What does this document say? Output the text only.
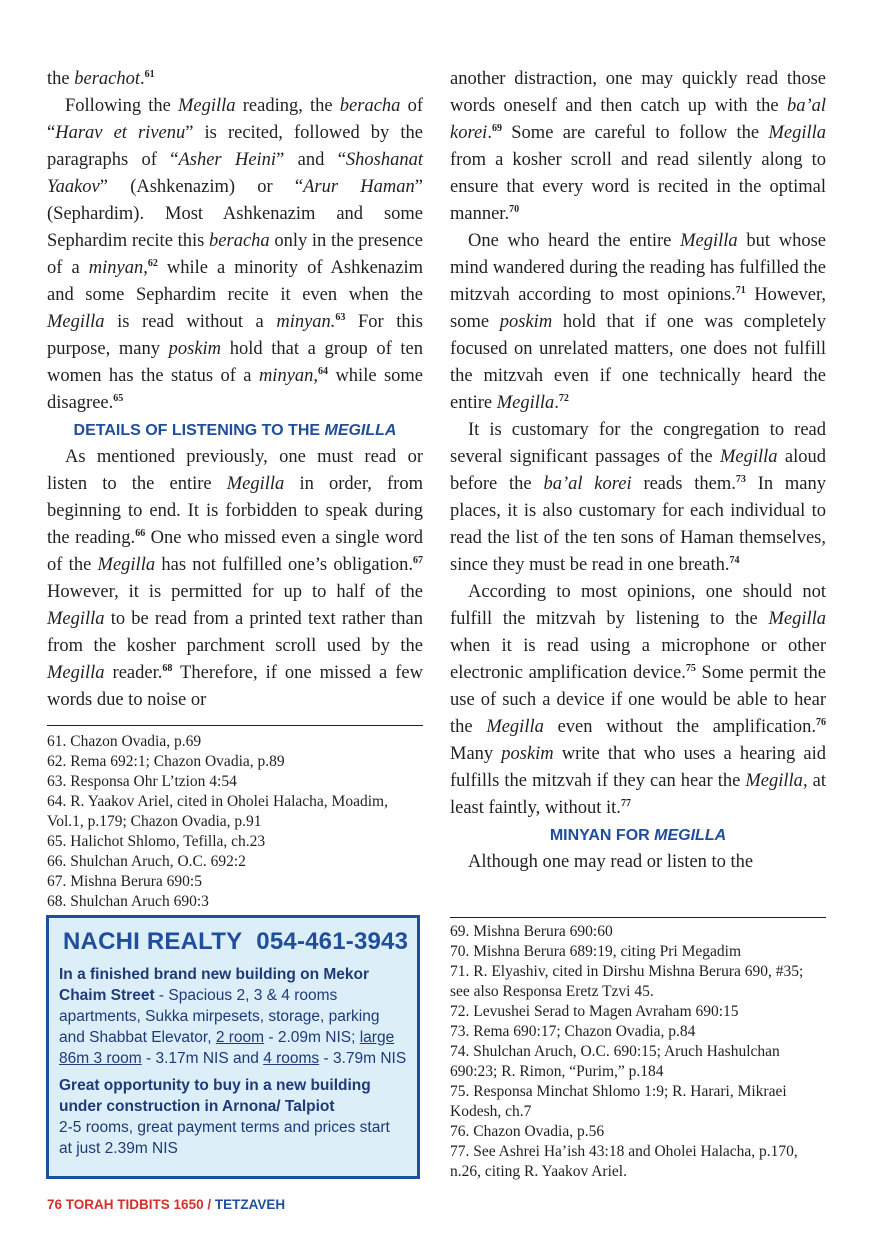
the berachot.$^{61}$

Following the Megilla reading, the beracha of “Harav et rivenu” is recited, followed by the paragraphs of “Asher Heini” and “Shoshanat Yaakov” (Ashkenazim) or “Arur Haman” (Sephardim). Most Ashkenazim and some Sephardim recite this beracha only in the presence of a minyan,$^{62}$ while a minority of Ashkenazim and some Sephardim recite it even when the Megilla is read without a minyan.$^{63}$ For this purpose, many poskim hold that a group of ten women has the status of a minyan,$^{64}$ while some disagree.$^{65}$

DETAILS OF LISTENING TO THE MEGILLA

As mentioned previously, one must read or listen to the entire Megilla in order, from beginning to end. It is forbidden to speak during the reading.$^{66}$ One who missed even a single word of the Megilla has not fulfilled one’s obligation.$^{67}$ However, it is permitted for up to half of the Megilla to be read from a printed text rather than from the kosher parchment scroll used by the Megilla reader.$^{68}$ Therefore, if one missed a few words due to noise or

61. Chazon Ovadia, p.69
62. Rema 692:1; Chazon Ovadia, p.89
63. Responsa Ohr L’tzion 4:54
64. R. Yaakov Ariel, cited in Oholei Halacha, Moadim, Vol.1, p.179; Chazon Ovadia, p.91
65. Halichot Shlomo, Tefilla, ch.23
66. Shulchan Aruch, O.C. 692:2
67. Mishna Berura 690:5
68. Shulchan Aruch 690:3

another distraction, one may quickly read those words oneself and then catch up with the ba’al korei.$^{69}$ Some are careful to follow the Megilla from a kosher scroll and read silently along to ensure that every word is recited in the optimal manner.$^{70}$

One who heard the entire Megilla but whose mind wandered during the reading has fulfilled the mitzvah according to most opinions.$^{71}$ However, some poskim hold that if one was completely focused on unrelated matters, one does not fulfill the mitzvah even if one technically heard the entire Megilla.$^{72}$

It is customary for the congregation to read several significant passages of the Megilla aloud before the ba’al korei reads them.$^{73}$ In many places, it is also customary for each individual to read the list of the ten sons of Haman themselves, since they must be read in one breath.$^{74}$

According to most opinions, one should not fulfill the mitzvah by listening to the Megilla when it is read using a microphone or other electronic amplification device.$^{75}$ Some permit the use of such a device if one would be able to hear the Megilla even without the amplification.$^{76}$ Many poskim write that who uses a hearing aid fulfills the mitzvah if they can hear the Megilla, at least faintly, without it.$^{77}$

MINYAN FOR MEGILLA

Although one may read or listen to the

69. Mishna Berura 690:60
70. Mishna Berura 689:19, citing Pri Megadim
71. R. Elyashiv, cited in Dirshu Mishna Berura 690, #35; see also Responsa Eretz Tzvi 45.
72. Levushei Serad to Magen Avraham 690:15
73. Rema 690:17; Chazon Ovadia, p.84
74. Shulchan Aruch, O.C. 690:15; Aruch Hashulchan 690:23; R. Rimon, “Purim,” p.184
75. Responsa Minchat Shlomo 1:9; R. Harari, Mikraei Kodesh, ch.7
76. Chazon Ovadia, p.56
77. See Ashrei Ha’ish 43:18 and Oholei Halacha, p.170, n.26, citing R. Yaakov Ariel.
NACHI REALTY 054-461-3943

In a finished brand new building on Mekor Chaim Street - Spacious 2, 3 & 4 rooms apartments, Sukka mirpesets, storage, parking and Shabbat Elevator, 2 room - 2.09m NIS; large 86m 3 room - 3.17m NIS and 4 rooms - 3.79m NIS

Great opportunity to buy in a new building under construction in Arnona/ Talpiot
2-5 rooms, great payment terms and prices start at just 2.39m NIS

76 TORAH TIDBITS 1650 / TETZAVEH
